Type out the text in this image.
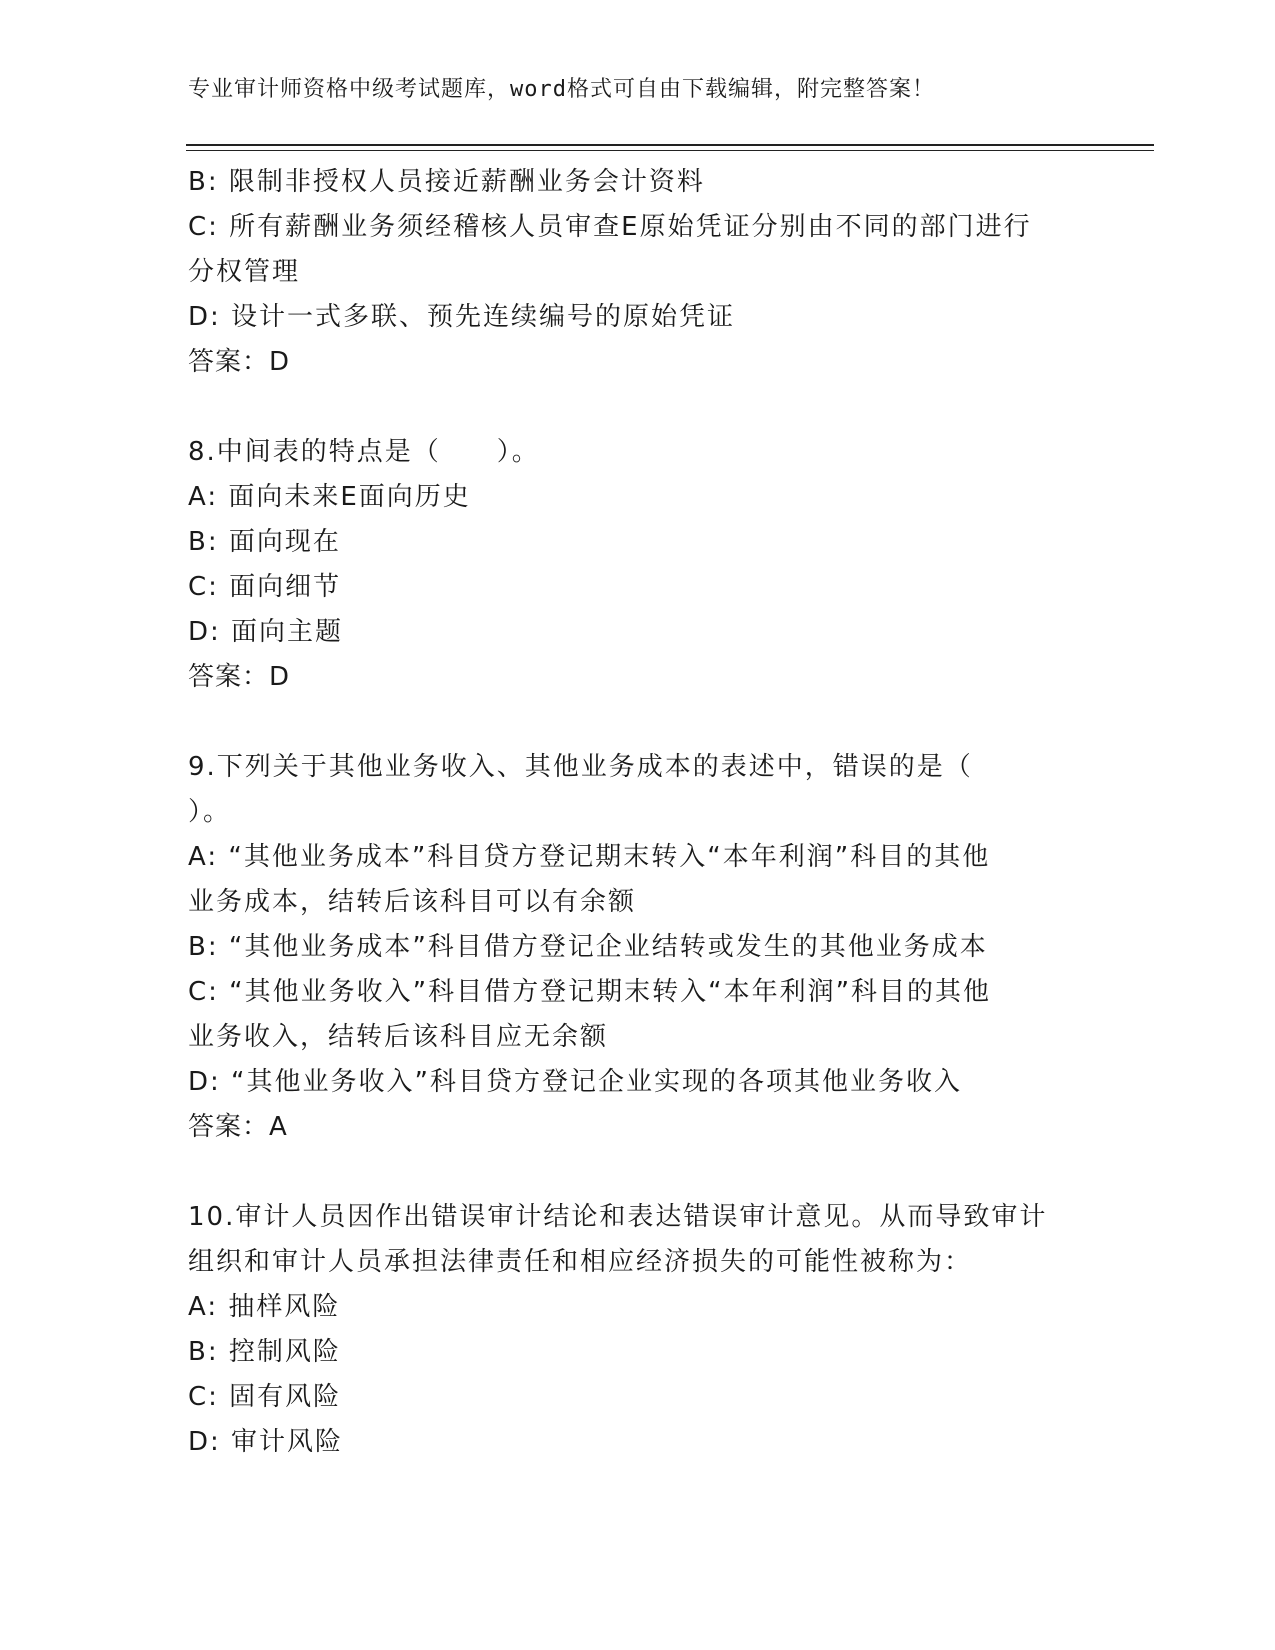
专业审计师资格中级考试题库，word格式可自由下载编辑，附完整答案！
B: 限制非授权人员接近薪酬业务会计资料
C: 所有薪酬业务须经稽核人员审查E原始凭证分别由不同的部门进行
分权管理
D: 设计一式多联、预先连续编号的原始凭证
答案：D
8.中间表的特点是（　　）。
A: 面向未来E面向历史
B: 面向现在
C: 面向细节
D: 面向主题
答案：D
9.下列关于其他业务收入、其他业务成本的表述中，错误的是（
）。
A: “其他业务成本”科目贷方登记期末转入“本年利润”科目的其他
业务成本，结转后该科目可以有余额
B: “其他业务成本”科目借方登记企业结转或发生的其他业务成本
C: “其他业务收入”科目借方登记期末转入“本年利润”科目的其他
业务收入，结转后该科目应无余额
D: “其他业务收入”科目贷方登记企业实现的各项其他业务收入
答案：A
10.审计人员因作出错误审计结论和表达错误审计意见。从而导致审计
组织和审计人员承担法律责任和相应经济损失的可能性被称为：
A: 抽样风险
B: 控制风险
C: 固有风险
D: 审计风险
